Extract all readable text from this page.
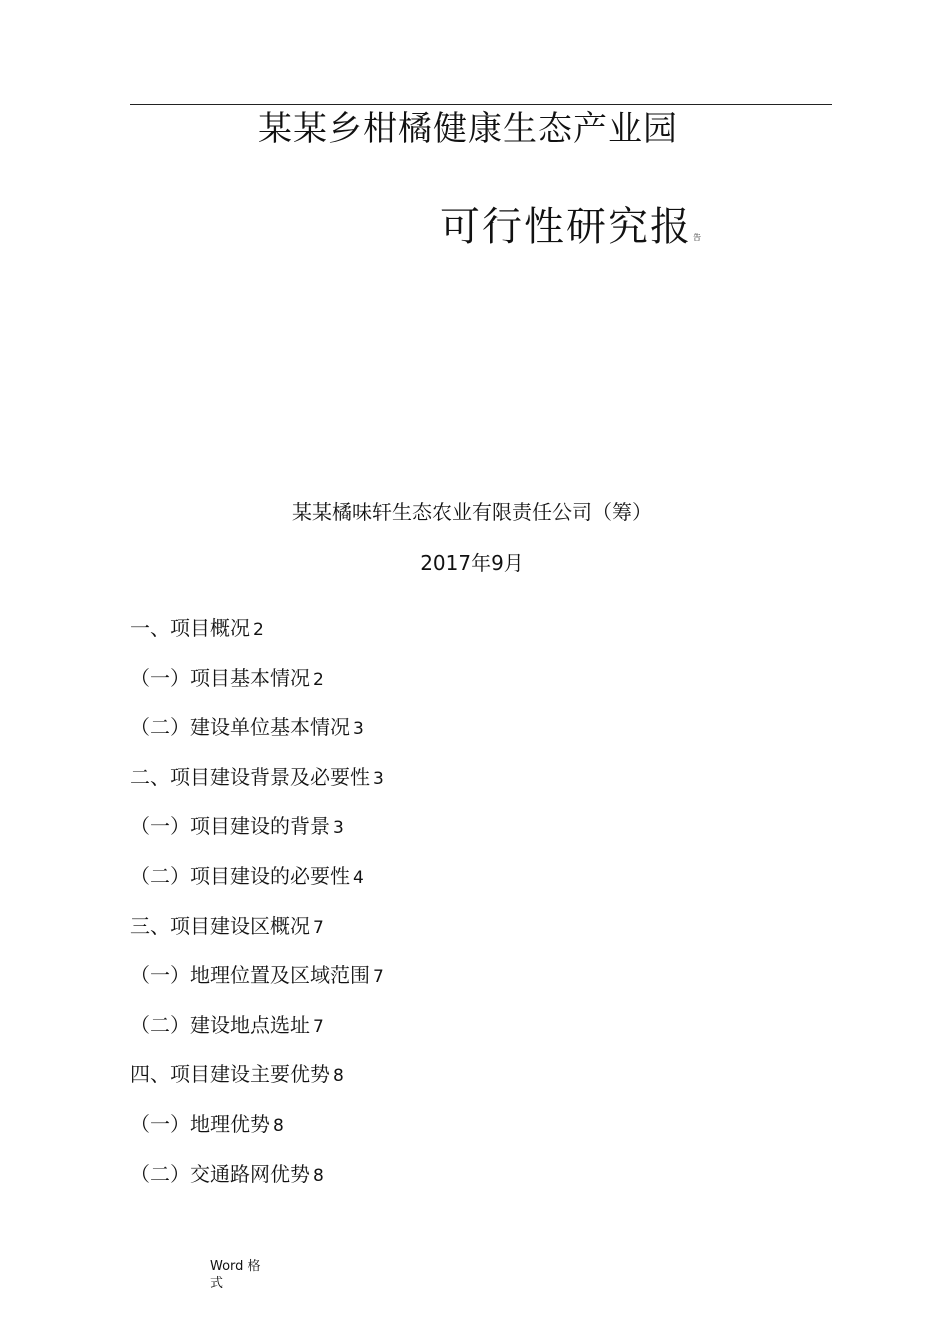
某某乡柑橘健康生态产业园
可行性研究报告
某某橘味轩生态农业有限责任公司（筹）
2017年9月
一、项目概况 2
（一）项目基本情况 2
（二）建设单位基本情况 3
二、项目建设背景及必要性 3
（一）项目建设的背景 3
（二）项目建设的必要性 4
三、项目建设区概况 7
（一）地理位置及区域范围 7
（二）建设地点选址 7
四、项目建设主要优势 8
（一）地理优势 8
（二）交通路网优势 8
Word 格
式
